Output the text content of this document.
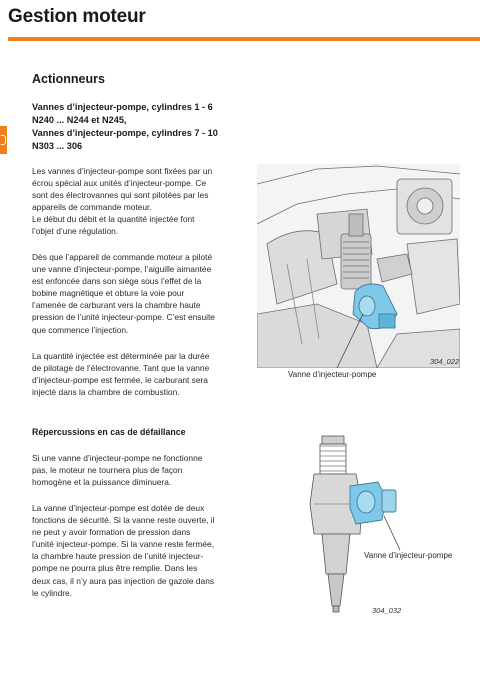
Gestion moteur
Actionneurs
Vannes d’injecteur-pompe, cylindres 1 - 6
N240 ... N244 et N245,
Vannes d’injecteur-pompe, cylindres 7 - 10
N303 ... 306
Les vannes d’injecteur-pompe sont fixées par un
écrou spécial aux unités d’injecteur-pompe. Ce
sont des électrovannes qui sont pilotées par les
appareils de commande moteur.
Le début du débit et la quantité injectée font
l’objet d’une régulation.
Dès que l’appareil de commande moteur a piloté
une vanne d’injecteur-pompe, l’aiguille aimantée
est enfoncée dans son siège sous l’effet de la
bobine magnétique et obture la voie pour
l’amenée de carburant vers la chambre haute
pression de l’unité injecteur-pompe. C’est ensuite
que commence l’injection.
La quantité injectée est déterminée par la durée
de pilotage de l’électrovanne. Tant que la vanne
d’injecteur-pompe est fermée, le carburant sera
injecté dans la chambre de combustion.
Répercussions en cas de défaillance
Si une vanne d’injecteur-pompe ne fonctionne
pas, le moteur ne tournera plus de façon
homogène et la puissance diminuera.
La vanne d’injecteur-pompe est dotée de deux
fonctions de sécurité. Si la vanne reste ouverte, il
ne peut y avoir formation de pression dans
l’unité injecteur-pompe. Si la vanne reste fermée,
la chambre haute pression de l’unité injecteur-
pompe ne pourra plus être remplie. Dans les
deux cas, il n’y aura pas injection de gazole dans
le cylindre.
304_022
Vanne d’injecteur-pompe
Vanne d’injecteur-pompe
304_032
